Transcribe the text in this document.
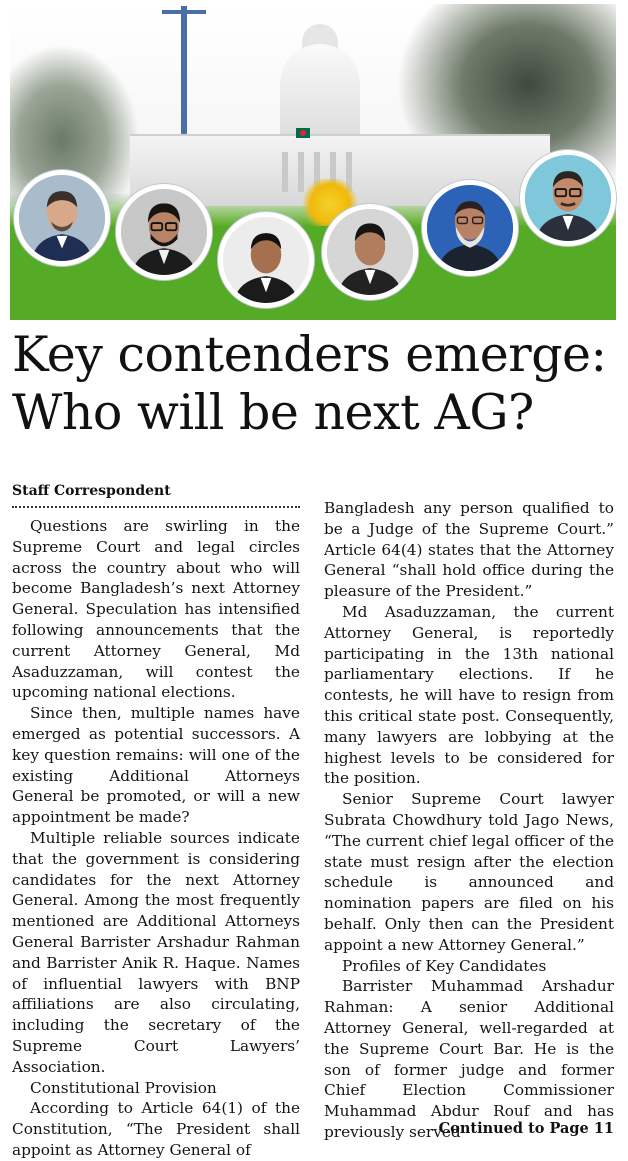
Key contenders emerge:
Who will be next AG?
Staff Correspondent

Questions are swirling in the Supreme Court and legal circles across the country about who will become Bangladesh’s next Attorney General. Speculation has intensified following announcements that the current Attorney General, Md Asaduzzaman, will contest the upcoming national elections.

Since then, multiple names have emerged as potential successors. A key question remains: will one of the existing Additional Attorneys General be promoted, or will a new appointment be made?

Multiple reliable sources indicate that the government is considering candidates for the next Attorney General. Among the most frequently mentioned are Additional Attorneys General Barrister Arshadur Rahman and Barrister Anik R. Haque. Names of influential lawyers with BNP affiliations are also circulating, including the secretary of the Supreme Court Lawyers’ Association.

Constitutional Provision

According to Article 64(1) of the Constitution, “The President shall appoint as Attorney General of

Bangladesh any person qualified to be a Judge of the Supreme Court.” Article 64(4) states that the Attorney General “shall hold office during the pleasure of the President.”

Md Asaduzzaman, the current Attorney General, is reportedly participating in the 13th national parliamentary elections. If he contests, he will have to resign from this critical state post. Consequently, many lawyers are lobbying at the highest levels to be considered for the position.

Senior Supreme Court lawyer Subrata Chowdhury told Jago News, “The current chief legal officer of the state must resign after the election schedule is announced and nomination papers are filed on his behalf. Only then can the President appoint a new Attorney General.”

Profiles of Key Candidates

Barrister Muhammad Arshadur Rahman: A senior Additional Attorney General, well-regarded at the Supreme Court Bar. He is the son of former judge and former Chief Election Commissioner Muhammad Abdur Rouf and has previously served

Continued to Page 11
